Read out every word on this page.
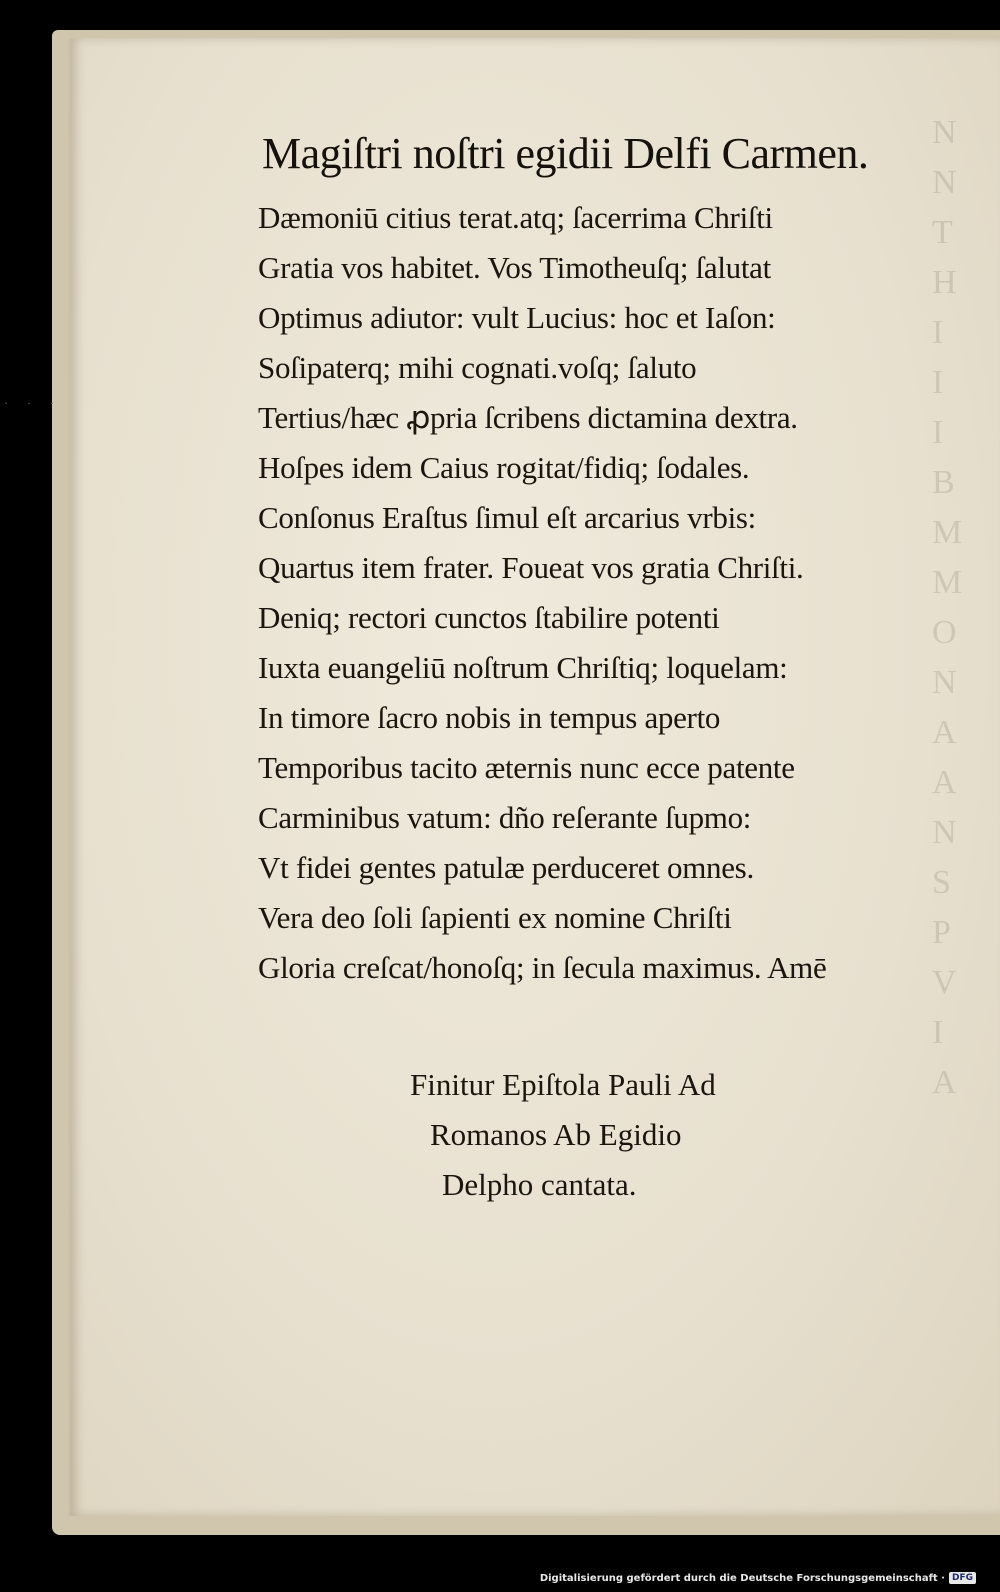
· · ·
N
N
T
H
I
I
I
B
M
M
O
N
A
A
N
S
P
V
I
A
Magiſtri noſtri egidii Delfi Carmen.
Dæmoniū citius terat.atq; ſacerrima Chriſti
Gratia vos habitet. Vos Timotheuſq; ſalutat
Optimus adiutor: vult Lucius: hoc et Iaſon:
Soſipaterq; mihi cognati.voſq; ſaluto
Tertius/hæc ꝓpria ſcribens dictamina dextra.
Hoſpes idem Caius rogitat/fidiq; ſodales.
Conſonus Eraſtus ſimul eſt arcarius vrbis:
Quartus item frater. Foueat vos gratia Chriſti.
Deniq; rectori cunctos ſtabilire potenti
Iuxta euangeliū noſtrum Chriſtiq; loquelam:
In timore ſacro nobis in tempus aperto
Temporibus tacito æternis nunc ecce patente
Carminibus vatum: dño reſerante ſupmo:
Vt fidei gentes patulæ perduceret omnes.
Vera deo ſoli ſapienti ex nomine Chriſti
Gloria creſcat/honoſq; in ſecula maximus. Amē
Finitur Epiſtola Pauli Ad
Romanos Ab Egidio
Delpho cantata.
Digitalisierung gefördert durch die Deutsche Forschungsgemeinschaft · DFG
